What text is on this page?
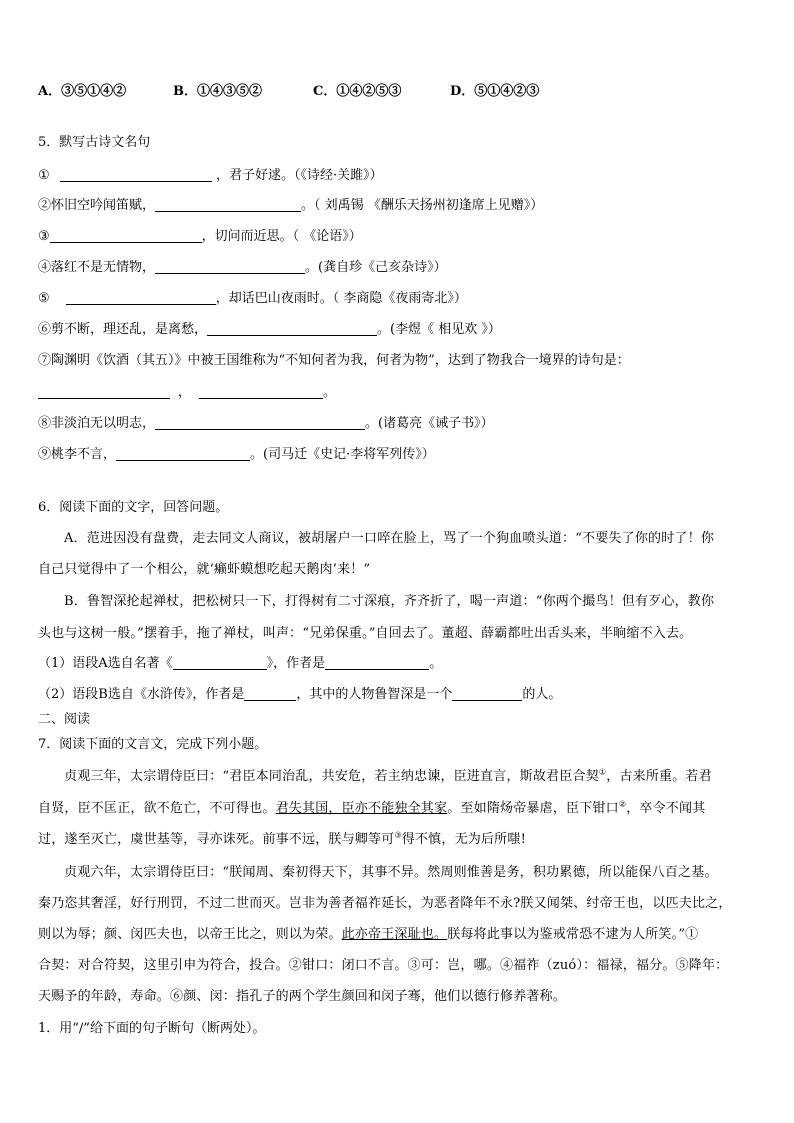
A．③⑤①④②	B．①④③⑤②	C．①④②⑤③	D．⑤①④②③
5．默写古诗文名句
①	，君子好逑。（《诗经·关雎》）
②怀旧空吟闻笛赋，	。（ 刘禹锡 《酬乐天扬州初逢席上见赠》）
③	，切问而近思。（ 《论语》）
④落红不是无情物，	。(龚自珍《己亥杂诗》）
⑤	，却话巴山夜雨时。（ 李商隐《夜雨寄北》）
⑥剪不断，理还乱，是离愁，	。(李煜《 相见欢 》）
⑦陶渊明《饮酒（其五）》中被王国维称为“不知何者为我，何者为物”，达到了物我合一境界的诗句是：
，	。
⑧非淡泊无以明志，	。(诸葛亮《诫子书》）
⑨桃李不言，	。(司马迁《史记·李将军列传》）
6．阅读下面的文字，回答问题。
A．范进因没有盘费，走去同文人商议，被胡屠户一口啐在脸上，骂了一个狗血喷头道：“不要失了你的时了！你
自己只觉得中了一个相公，就‘癞虾蟆想吃起天鹅肉’来！”
B．鲁智深抡起禅杖，把松树只一下，打得树有二寸深痕，齐齐折了，喝一声道：“你两个撮鸟！但有歹心，教你
头也与这树一般。”摆着手，拖了禅杖，叫声：“兄弟保重。”自回去了。董超、薛霸都吐出舌头来，半晌缩不入去。
（1）语段A选自名著《	》，作者是	。
（2）语段B选自《水浒传》，作者是	，其中的人物鲁智深是一个	的人。
二、阅读
7．阅读下面的文言文，完成下列小题。
贞观三年，太宗谓侍臣曰：“君臣本同治乱，共安危，若主纳忠谏，臣进直言，斯故君臣合契①，古来所重。若君
自贤，臣不匡正，欲不危亡，不可得也。君失其国，臣亦不能独全其家。至如隋炀帝暴虐，臣下钳口②，卒令不闻其
过，遂至灭亡，虞世基等，寻亦诛死。前事不远，朕与卿等可③得不慎，无为后所嗤!
贞观六年，太宗谓侍臣曰：“朕闻周、秦初得天下，其事不异。然周则惟善是务，积功累德，所以能保八百之基。
秦乃恣其奢淫，好行刑罚，不过二世而灭。岂非为善者福祚延长，为恶者降年不永?朕又闻桀、纣帝王也，以匹夫比之，
则以为辱；颜、闵匹夫也，以帝王比之，则以为荣。此亦帝王深耻也。朕每将此事以为鉴戒常恐不逮为人所笑。”①
合契：对合符契，这里引申为符合，投合。②钳口：闭口不言。③可：岂，哪。④福祚（zuó）：福禄，福分。⑤降年：
天赐予的年龄，寿命。⑥颜、闵：指孔子的两个学生颜回和闵子骞，他们以德行修养著称。
1．用“/”给下面的句子断句（断两处）。
